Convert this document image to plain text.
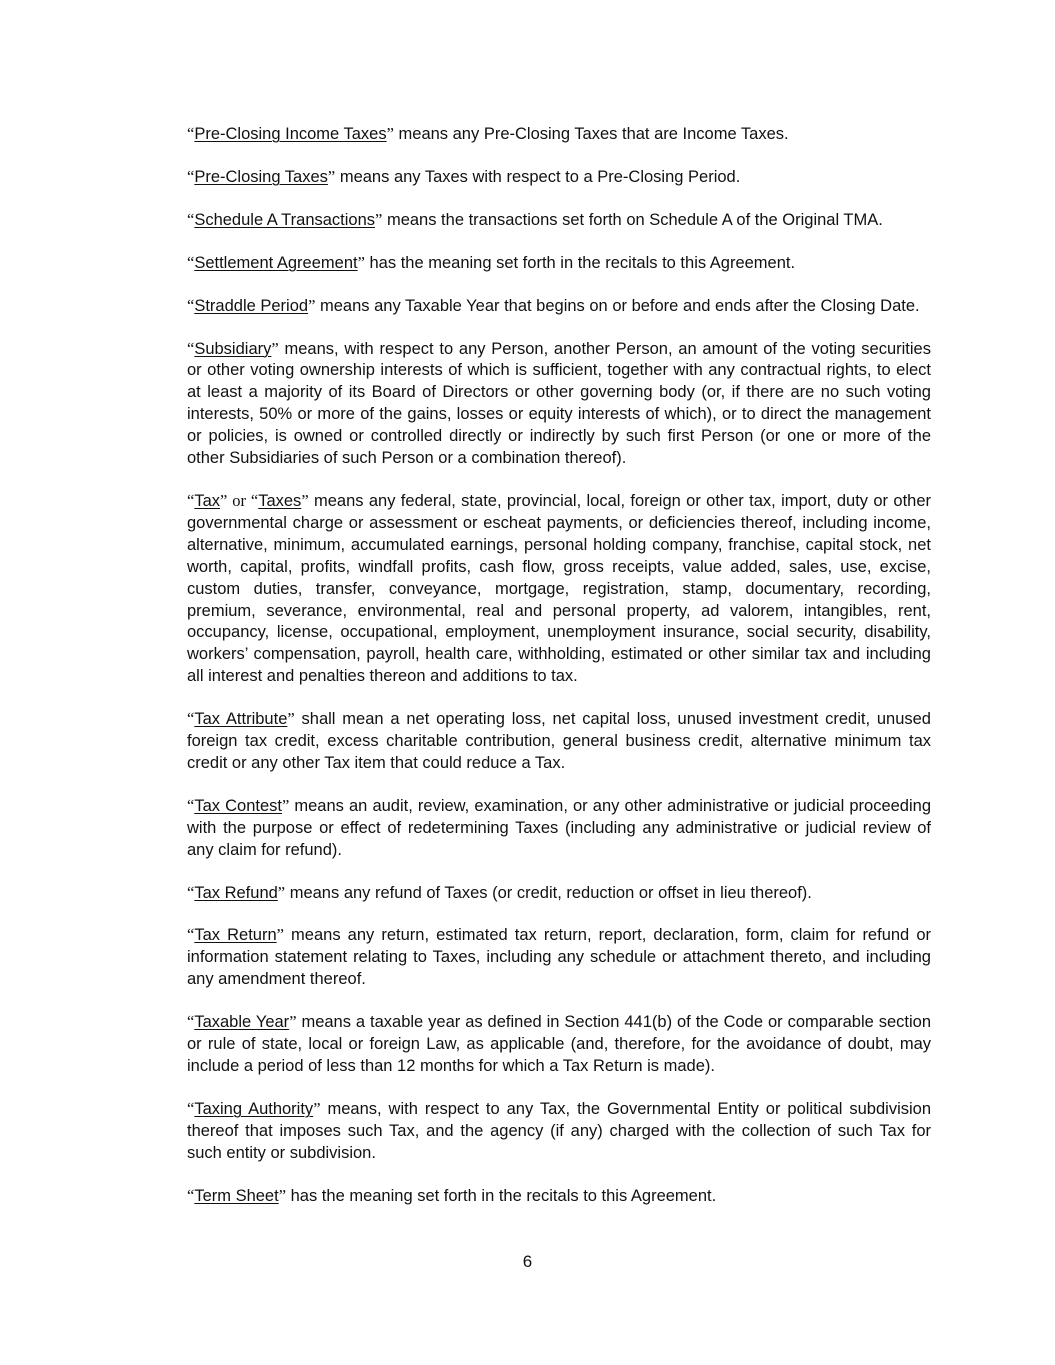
“Pre-Closing Income Taxes” means any Pre-Closing Taxes that are Income Taxes.

“Pre-Closing Taxes” means any Taxes with respect to a Pre-Closing Period.

“Schedule A Transactions” means the transactions set forth on Schedule A of the Original TMA.

“Settlement Agreement” has the meaning set forth in the recitals to this Agreement.

“Straddle Period” means any Taxable Year that begins on or before and ends after the Closing Date.

“Subsidiary” means, with respect to any Person, another Person, an amount of the voting securities or other voting ownership interests of which is sufficient, together with any contractual rights, to elect at least a majority of its Board of Directors or other governing body (or, if there are no such voting interests, 50% or more of the gains, losses or equity interests of which), or to direct the management or policies, is owned or controlled directly or indirectly by such first Person (or one or more of the other Subsidiaries of such Person or a combination thereof).

“Tax” or “Taxes” means any federal, state, provincial, local, foreign or other tax, import, duty or other governmental charge or assessment or escheat payments, or deficiencies thereof, including income, alternative, minimum, accumulated earnings, personal holding company, franchise, capital stock, net worth, capital, profits, windfall profits, cash flow, gross receipts, value added, sales, use, excise, custom duties, transfer, conveyance, mortgage, registration, stamp, documentary, recording, premium, severance, environmental, real and personal property, ad valorem, intangibles, rent, occupancy, license, occupational, employment, unemployment insurance, social security, disability, workers’ compensation, payroll, health care, withholding, estimated or other similar tax and including all interest and penalties thereon and additions to tax.

“Tax Attribute” shall mean a net operating loss, net capital loss, unused investment credit, unused foreign tax credit, excess charitable contribution, general business credit, alternative minimum tax credit or any other Tax item that could reduce a Tax.

“Tax Contest” means an audit, review, examination, or any other administrative or judicial proceeding with the purpose or effect of redetermining Taxes (including any administrative or judicial review of any claim for refund).

“Tax Refund” means any refund of Taxes (or credit, reduction or offset in lieu thereof).

“Tax Return” means any return, estimated tax return, report, declaration, form, claim for refund or information statement relating to Taxes, including any schedule or attachment thereto, and including any amendment thereof.

“Taxable Year” means a taxable year as defined in Section 441(b) of the Code or comparable section or rule of state, local or foreign Law, as applicable (and, therefore, for the avoidance of doubt, may include a period of less than 12 months for which a Tax Return is made).

“Taxing Authority” means, with respect to any Tax, the Governmental Entity or political subdivision thereof that imposes such Tax, and the agency (if any) charged with the collection of such Tax for such entity or subdivision.

“Term Sheet” has the meaning set forth in the recitals to this Agreement.

6
